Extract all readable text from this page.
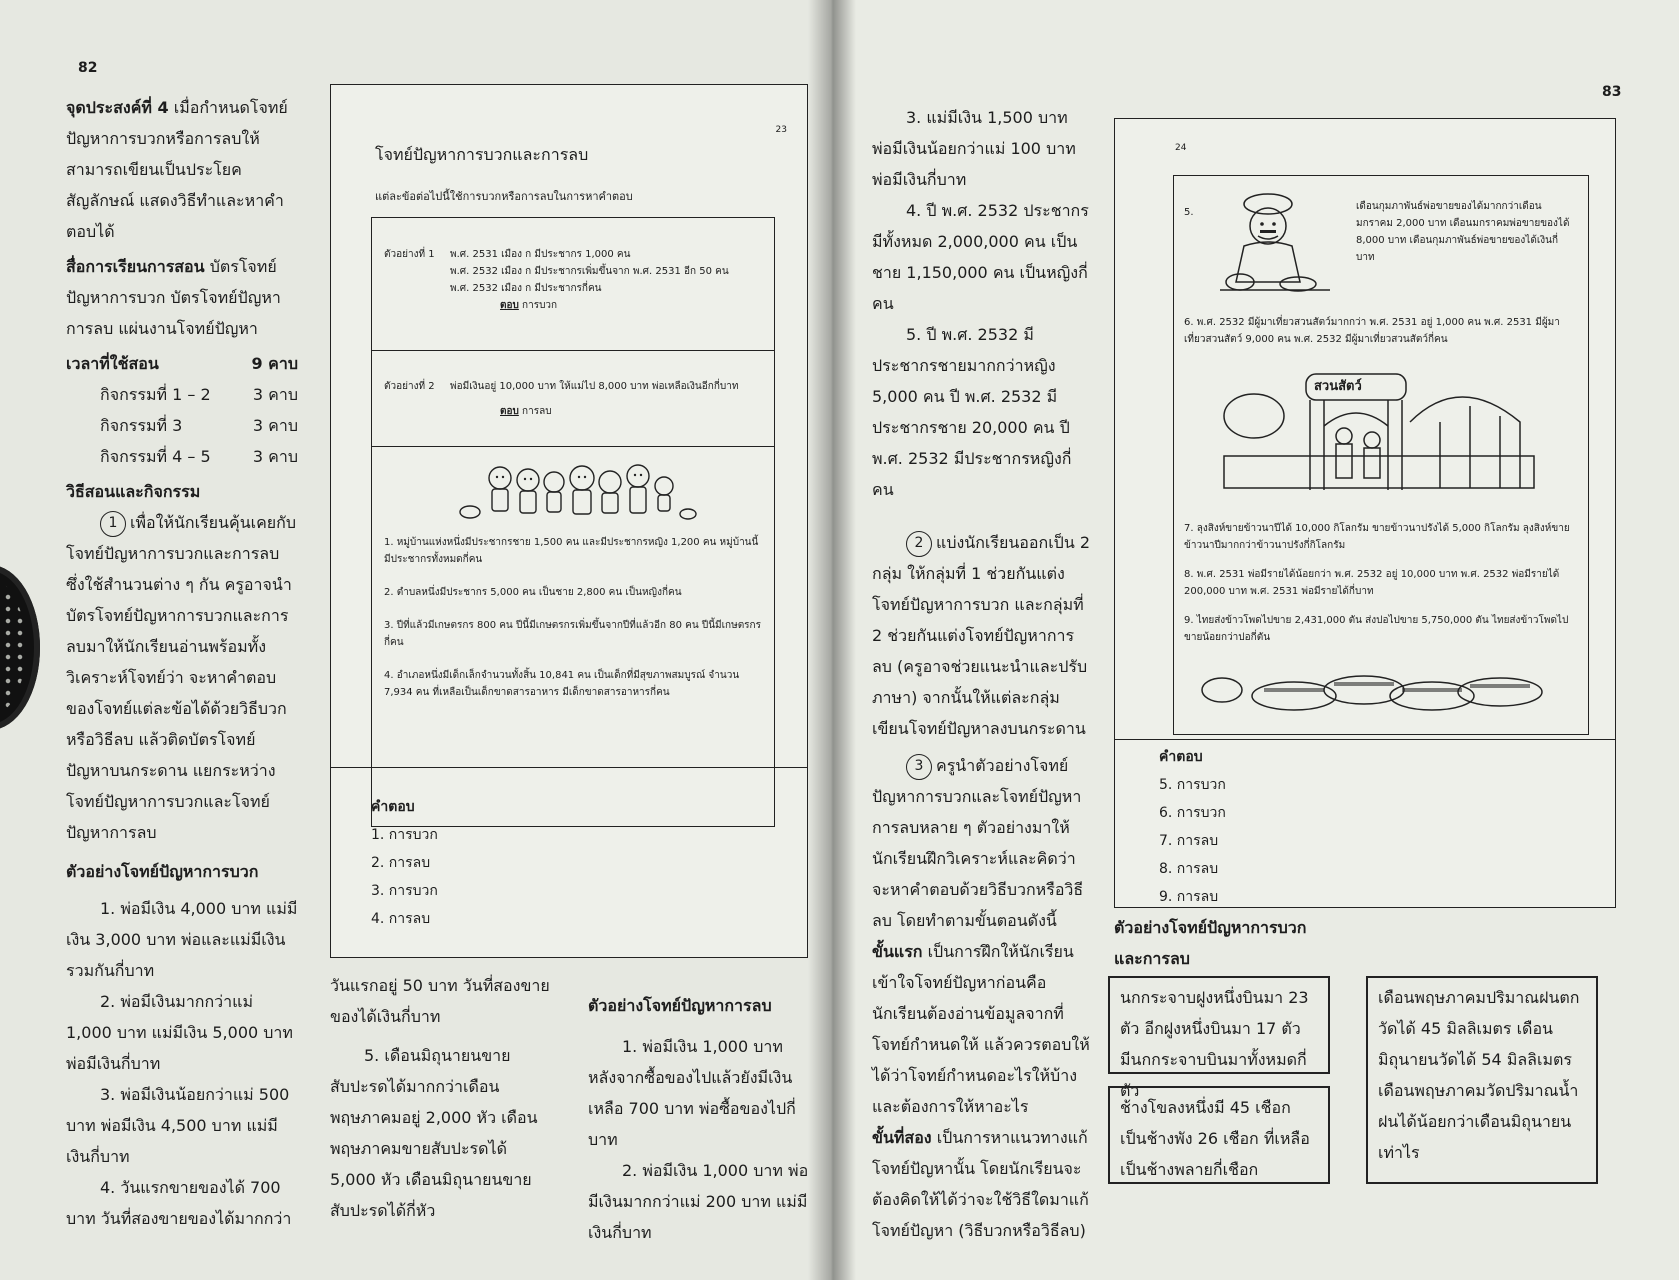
82

จุดประสงค์ที่ 4 เมื่อกำหนดโจทย์ปัญหาการบวกหรือการลบให้สามารถเขียนเป็นประโยคสัญลักษณ์ แสดงวิธีทำและหาคำตอบได้

สื่อการเรียนการสอน บัตรโจทย์ปัญหาการบวก บัตรโจทย์ปัญหาการลบ แผ่นงานโจทย์ปัญหา

เวลาที่ใช้สอน	9 คาบ
กิจกรรมที่ 1 – 2	3 คาบ
กิจกรรมที่ 3	3 คาบ
กิจกรรมที่ 4 – 5	3 คาบ

วิธีสอนและกิจกรรม

1 เพื่อให้นักเรียนคุ้นเคยกับโจทย์ปัญหาการบวกและการลบ ซึ่งใช้สำนวนต่าง ๆ กัน ครูอาจนำบัตรโจทย์ปัญหาการบวกและการลบมาให้นักเรียนอ่านพร้อมทั้งวิเคราะห์โจทย์ว่า จะหาคำตอบของโจทย์แต่ละข้อได้ด้วยวิธีบวกหรือวิธีลบ แล้วติดบัตรโจทย์ปัญหาบนกระดาน แยกระหว่างโจทย์ปัญหาการบวกและโจทย์ปัญหาการลบ

ตัวอย่างโจทย์ปัญหาการบวก

1. พ่อมีเงิน 4,000 บาท แม่มีเงิน 3,000 บาท พ่อและแม่มีเงินรวมกันกี่บาท

2. พ่อมีเงินมากกว่าแม่ 1,000 บาท แม่มีเงิน 5,000 บาท พ่อมีเงินกี่บาท

3. พ่อมีเงินน้อยกว่าแม่ 500 บาท พ่อมีเงิน 4,500 บาท แม่มีเงินกี่บาท

4. วันแรกขายของได้ 700 บาท วันที่สองขายของได้มากกว่า

23
โจทย์ปัญหาการบวกและการลบ
แต่ละข้อต่อไปนี้ใช้การบวกหรือการลบในการหาคำตอบ
ตัวอย่างที่ 1 พ.ศ. 2531 เมือง ก มีประชากร 1,000 คน
พ.ศ. 2532 เมือง ก มีประชากรเพิ่มขึ้นจาก พ.ศ. 2531 อีก 50 คน
พ.ศ. 2532 เมือง ก มีประชากรกี่คน
ตอบ การบวก
ตัวอย่างที่ 2 พ่อมีเงินอยู่ 10,000 บาท ให้แม่ไป 8,000 บาท พ่อเหลือเงินอีกกี่บาท
ตอบ การลบ
1. หมู่บ้านแห่งหนึ่งมีประชากรชาย 1,500 คน และมีประชากรหญิง 1,200 คน หมู่บ้านนี้มีประชากรทั้งหมดกี่คน
2. ตำบลหนึ่งมีประชากร 5,000 คน เป็นชาย 2,800 คน เป็นหญิงกี่คน
3. ปีที่แล้วมีเกษตรกร 800 คน ปีนี้มีเกษตรกรเพิ่มขึ้นจากปีที่แล้วอีก 80 คน ปีนี้มีเกษตรกรกี่คน
4. อำเภอหนึ่งมีเด็กเล็กจำนวนทั้งสิ้น 10,841 คน เป็นเด็กที่มีสุขภาพสมบูรณ์ จำนวน 7,934 คน ที่เหลือเป็นเด็กขาดสารอาหาร มีเด็กขาดสารอาหารกี่คน
คำตอบ
1. การบวก
2. การลบ
3. การบวก
4. การลบ

วันแรกอยู่ 50 บาท วันที่สองขายของได้เงินกี่บาท

5. เดือนมิถุนายนขายสับปะรดได้มากกว่าเดือนพฤษภาคมอยู่ 2,000 หัว เดือนพฤษภาคมขายสับปะรดได้ 5,000 หัว เดือนมิถุนายนขายสับปะรดได้กี่หัว

ตัวอย่างโจทย์ปัญหาการลบ

1. พ่อมีเงิน 1,000 บาท หลังจากซื้อของไปแล้วยังมีเงินเหลือ 700 บาท พ่อซื้อของไปกี่บาท

2. พ่อมีเงิน 1,000 บาท พ่อมีเงินมากกว่าแม่ 200 บาท แม่มีเงินกี่บาท

83

3. แม่มีเงิน 1,500 บาท พ่อมีเงินน้อยกว่าแม่ 100 บาท พ่อมีเงินกี่บาท

4. ปี พ.ศ. 2532 ประชากรมีทั้งหมด 2,000,000 คน เป็นชาย 1,150,000 คน เป็นหญิงกี่คน

5. ปี พ.ศ. 2532 มีประชากรชายมากกว่าหญิง 5,000 คน ปี พ.ศ. 2532 มีประชากรชาย 20,000 คน ปี พ.ศ. 2532 มีประชากรหญิงกี่คน

2 แบ่งนักเรียนออกเป็น 2 กลุ่ม ให้กลุ่มที่ 1 ช่วยกันแต่งโจทย์ปัญหาการบวก และกลุ่มที่ 2 ช่วยกันแต่งโจทย์ปัญหาการลบ (ครูอาจช่วยแนะนำและปรับภาษา) จากนั้นให้แต่ละกลุ่มเขียนโจทย์ปัญหาลงบนกระดาน

3 ครูนำตัวอย่างโจทย์ปัญหาการบวกและโจทย์ปัญหาการลบหลาย ๆ ตัวอย่างมาให้นักเรียนฝึกวิเคราะห์และคิดว่าจะหาคำตอบด้วยวิธีบวกหรือวิธีลบ โดยทำตามขั้นตอนดังนี้

ขั้นแรก เป็นการฝึกให้นักเรียนเข้าใจโจทย์ปัญหาก่อนคือ นักเรียนต้องอ่านข้อมูลจากที่โจทย์กำหนดให้ แล้วควรตอบให้ได้ว่าโจทย์กำหนดอะไรให้บ้าง และต้องการให้หาอะไร

ขั้นที่สอง เป็นการหาแนวทางแก้โจทย์ปัญหานั้น โดยนักเรียนจะต้องคิดให้ได้ว่าจะใช้วิธีใดมาแก้โจทย์ปัญหา (วิธีบวกหรือวิธีลบ)

24
5.
เดือนกุมภาพันธ์พ่อขายของได้มากกว่าเดือนมกราคม 2,000 บาท เดือนมกราคมพ่อขายของได้ 8,000 บาท เดือนกุมภาพันธ์พ่อขายของได้เงินกี่บาท
6. พ.ศ. 2532 มีผู้มาเที่ยวสวนสัตว์มากกว่า พ.ศ. 2531 อยู่ 1,000 คน พ.ศ. 2531 มีผู้มาเที่ยวสวนสัตว์ 9,000 คน พ.ศ. 2532 มีผู้มาเที่ยวสวนสัตว์กี่คน
สวนสัตว์
7. ลุงสิงห์ขายข้าวนาปีได้ 10,000 กิโลกรัม ขายข้าวนาปรังได้ 5,000 กิโลกรัม ลุงสิงห์ขายข้าวนาปีมากกว่าข้าวนาปรังกี่กิโลกรัม
8. พ.ศ. 2531 พ่อมีรายได้น้อยกว่า พ.ศ. 2532 อยู่ 10,000 บาท พ.ศ. 2532 พ่อมีรายได้ 200,000 บาท พ.ศ. 2531 พ่อมีรายได้กี่บาท
9. ไทยส่งข้าวโพดไปขาย 2,431,000 ตัน ส่งปอไปขาย 5,750,000 ตัน ไทยส่งข้าวโพดไปขายน้อยกว่าปอกี่ตัน
คำตอบ
5. การบวก
6. การบวก
7. การลบ
8. การลบ
9. การลบ

ตัวอย่างโจทย์ปัญหาการบวก

และการลบ

นกกระจาบฝูงหนึ่งบินมา 23 ตัว อีกฝูงหนึ่งบินมา 17 ตัว มีนกกระจาบบินมาทั้งหมดกี่ตัว
ช้างโขลงหนึ่งมี 45 เชือก เป็นช้างพัง 26 เชือก ที่เหลือเป็นช้างพลายกี่เชือก
เดือนพฤษภาคมปริมาณฝนตกวัดได้ 45 มิลลิเมตร เดือนมิถุนายนวัดได้ 54 มิลลิเมตร เดือนพฤษภาคมวัดปริมาณน้ำฝนได้น้อยกว่าเดือนมิถุนายนเท่าไร
